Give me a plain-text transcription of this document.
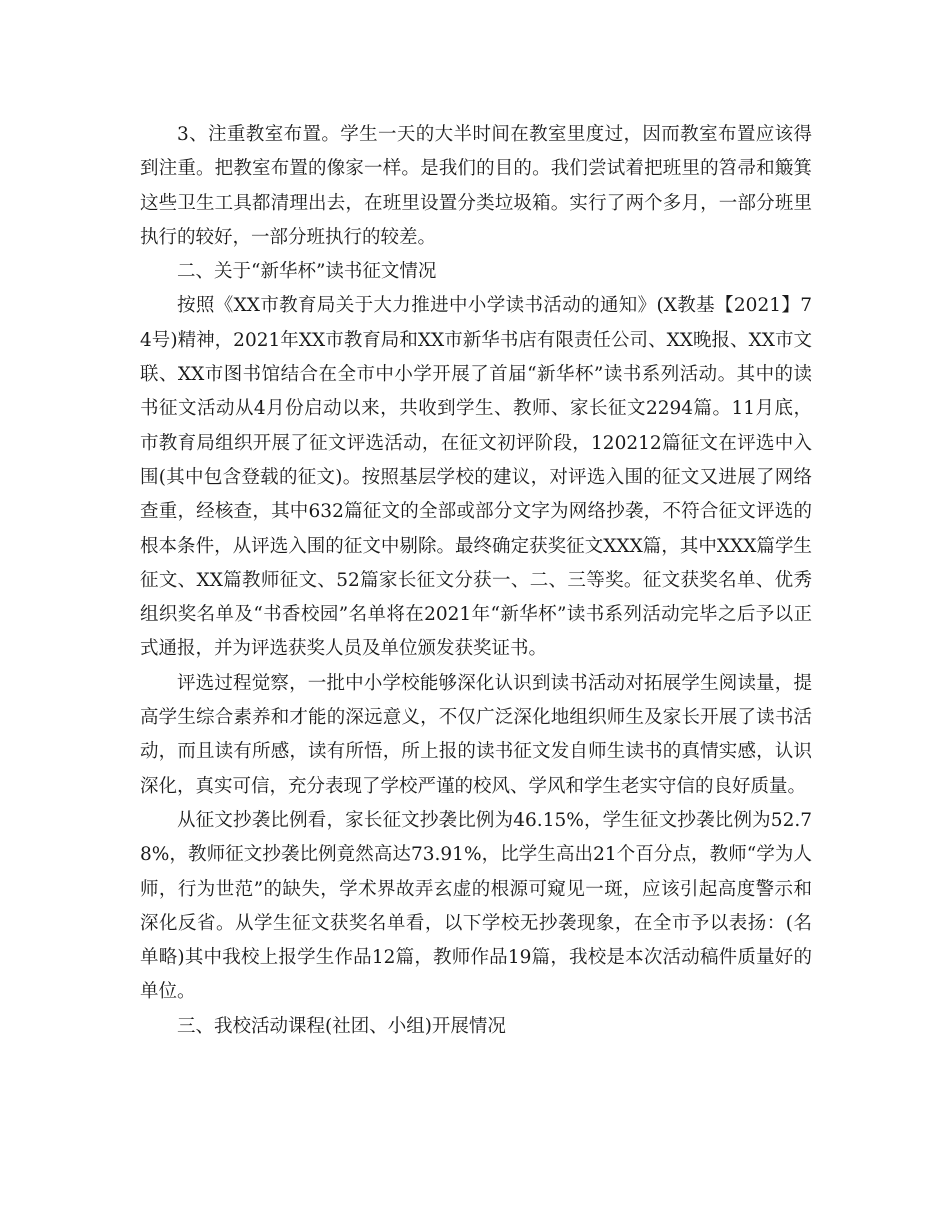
3、注重教室布置。学生一天的大半时间在教室里度过，因而教室布置应该得到注重。把教室布置的像家一样。是我们的目的。我们尝试着把班里的笤帚和簸箕这些卫生工具都清理出去，在班里设置分类垃圾箱。实行了两个多月，一部分班里执行的较好，一部分班执行的较差。

二、关于“新华杯”读书征文情况

按照《XX市教育局关于大力推进中小学读书活动的通知》(X教基【2021】74号)精神，2021年XX市教育局和XX市新华书店有限责任公司、XX晚报、XX市文联、XX市图书馆结合在全市中小学开展了首届“新华杯”读书系列活动。其中的读书征文活动从4月份启动以来，共收到学生、教师、家长征文2294篇。11月底，市教育局组织开展了征文评选活动，在征文初评阶段，120212篇征文在评选中入围(其中包含登载的征文)。按照基层学校的建议，对评选入围的征文又进展了网络查重，经核查，其中632篇征文的全部或部分文字为网络抄袭，不符合征文评选的根本条件，从评选入围的征文中剔除。最终确定获奖征文XXX篇，其中XXX篇学生征文、XX篇教师征文、52篇家长征文分获一、二、三等奖。征文获奖名单、优秀组织奖名单及“书香校园”名单将在2021年“新华杯”读书系列活动完毕之后予以正式通报，并为评选获奖人员及单位颁发获奖证书。

评选过程觉察，一批中小学校能够深化认识到读书活动对拓展学生阅读量，提高学生综合素养和才能的深远意义，不仅广泛深化地组织师生及家长开展了读书活动，而且读有所感，读有所悟，所上报的读书征文发自师生读书的真情实感，认识深化，真实可信，充分表现了学校严谨的校风、学风和学生老实守信的良好质量。

从征文抄袭比例看，家长征文抄袭比例为46.15%，学生征文抄袭比例为52.78%，教师征文抄袭比例竟然高达73.91%，比学生高出21个百分点，教师“学为人师，行为世范”的缺失，学术界故弄玄虚的根源可窥见一斑，应该引起高度警示和深化反省。从学生征文获奖名单看，以下学校无抄袭现象，在全市予以表扬：(名单略)其中我校上报学生作品12篇，教师作品19篇，我校是本次活动稿件质量好的单位。

三、我校活动课程(社团、小组)开展情况
